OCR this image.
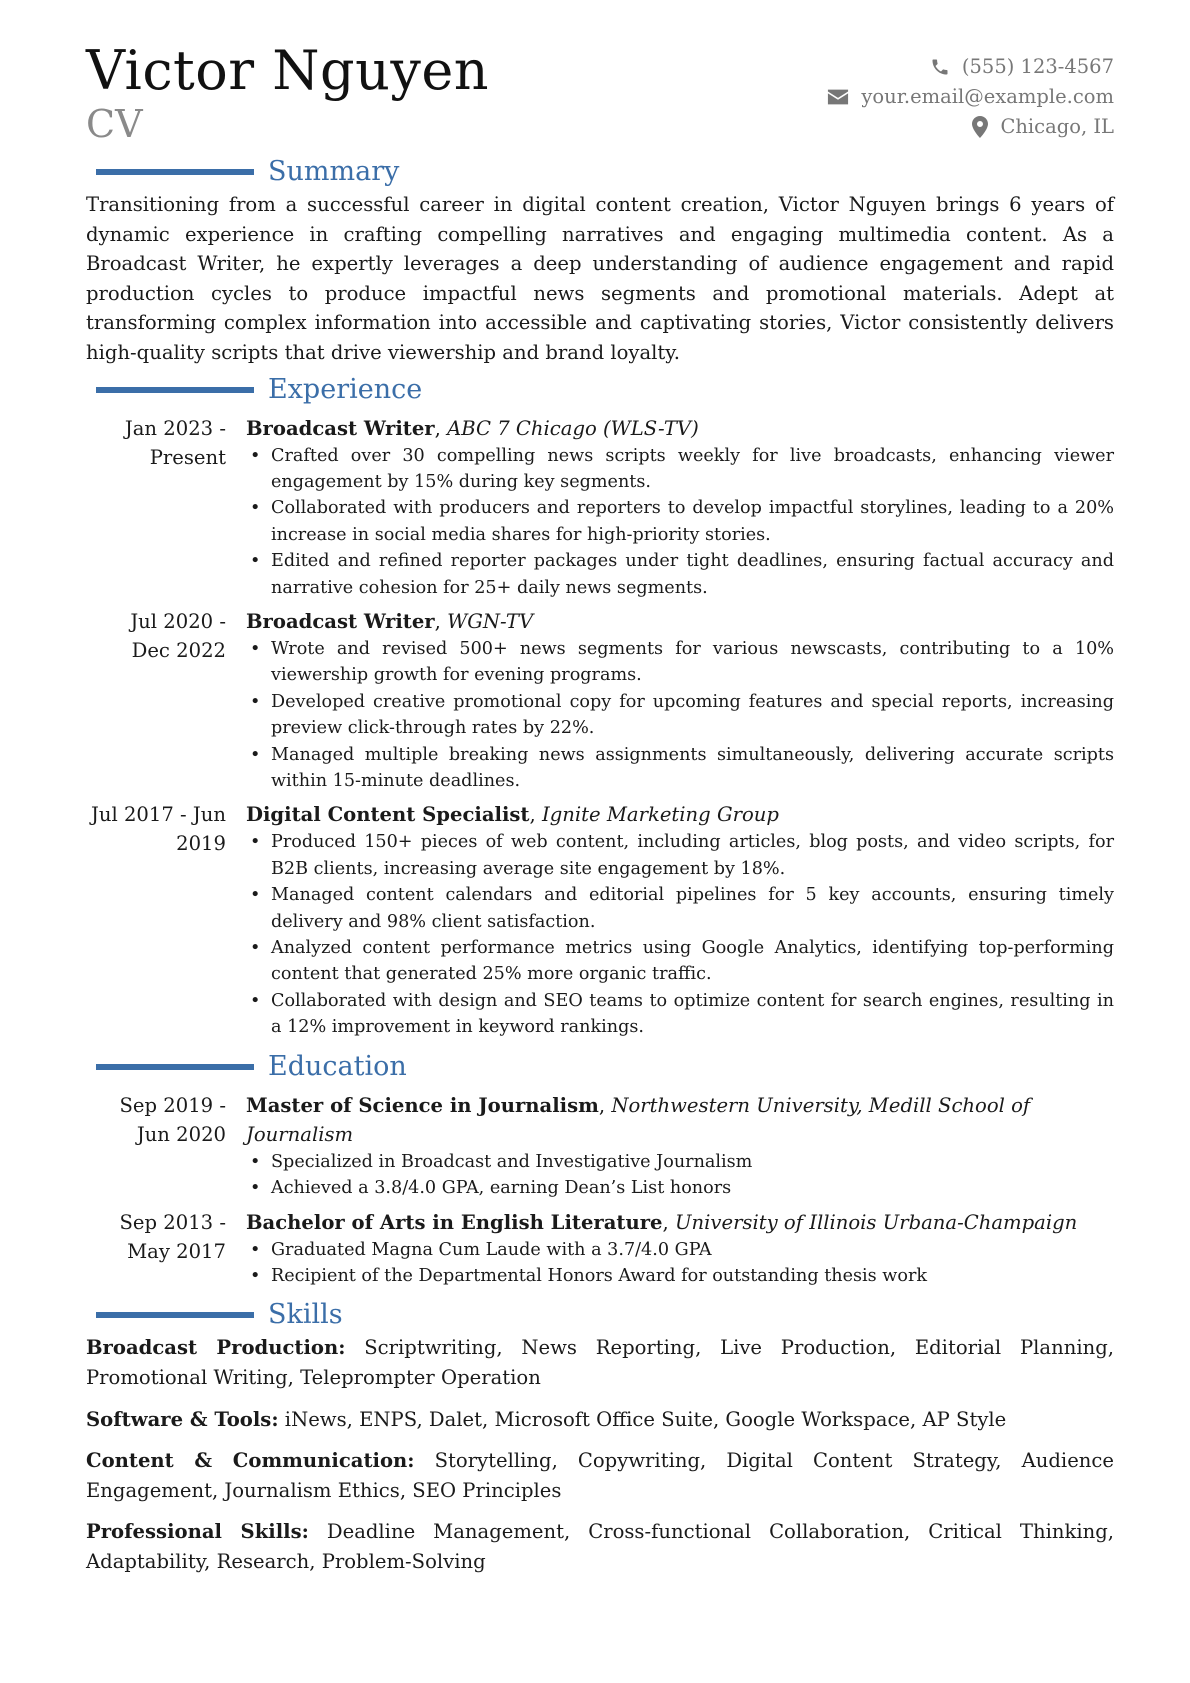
Victor Nguyen
CV
(555) 123-4567
your.email@example.com
Chicago, IL
Summary

Transitioning from a successful career in digital content creation, Victor Nguyen brings 6 years of dynamic experience in crafting compelling narratives and engaging multimedia content. As a Broadcast Writer, he expertly leverages a deep understanding of audience engagement and rapid production cycles to produce impactful news segments and promotional materials. Adept at transforming complex information into accessible and captivating stories, Victor consistently delivers high-quality scripts that drive viewership and brand loyalty.

Experience
Jan 2023 - Present
Broadcast Writer, ABC 7 Chicago (WLS-TV)
• Crafted over 30 compelling news scripts weekly for live broadcasts, enhancing viewer engagement by 15% during key segments.
• Collaborated with producers and reporters to develop impactful storylines, leading to a 20% increase in social media shares for high-priority stories.
• Edited and refined reporter packages under tight deadlines, ensuring factual accuracy and narrative cohesion for 25+ daily news segments.
Jul 2020 - Dec 2022
Broadcast Writer, WGN-TV
• Wrote and revised 500+ news segments for various newscasts, contributing to a 10% viewership growth for evening programs.
• Developed creative promotional copy for upcoming features and special reports, increasing preview click-through rates by 22%.
• Managed multiple breaking news assignments simultaneously, delivering accurate scripts within 15-minute deadlines.
Jul 2017 - Jun 2019
Digital Content Specialist, Ignite Marketing Group
• Produced 150+ pieces of web content, including articles, blog posts, and video scripts, for B2B clients, increasing average site engagement by 18%.
• Managed content calendars and editorial pipelines for 5 key accounts, ensuring timely delivery and 98% client satisfaction.
• Analyzed content performance metrics using Google Analytics, identifying top-performing content that generated 25% more organic traffic.
• Collaborated with design and SEO teams to optimize content for search engines, resulting in a 12% improvement in keyword rankings.
Education
Sep 2019 - Jun 2020
Master of Science in Journalism, Northwestern University, Medill School of Journalism
• Specialized in Broadcast and Investigative Journalism
• Achieved a 3.8/4.0 GPA, earning Dean’s List honors
Sep 2013 - May 2017
Bachelor of Arts in English Literature, University of Illinois Urbana-Champaign
• Graduated Magna Cum Laude with a 3.7/4.0 GPA
• Recipient of the Departmental Honors Award for outstanding thesis work
Skills

Broadcast Production: Scriptwriting, News Reporting, Live Production, Editorial Planning, Promotional Writing, Teleprompter Operation

Software & Tools: iNews, ENPS, Dalet, Microsoft Office Suite, Google Workspace, AP Style

Content & Communication: Storytelling, Copywriting, Digital Content Strategy, Audience Engagement, Journalism Ethics, SEO Principles

Professional Skills: Deadline Management, Cross-functional Collaboration, Critical Thinking, Adaptability, Research, Problem-Solving
